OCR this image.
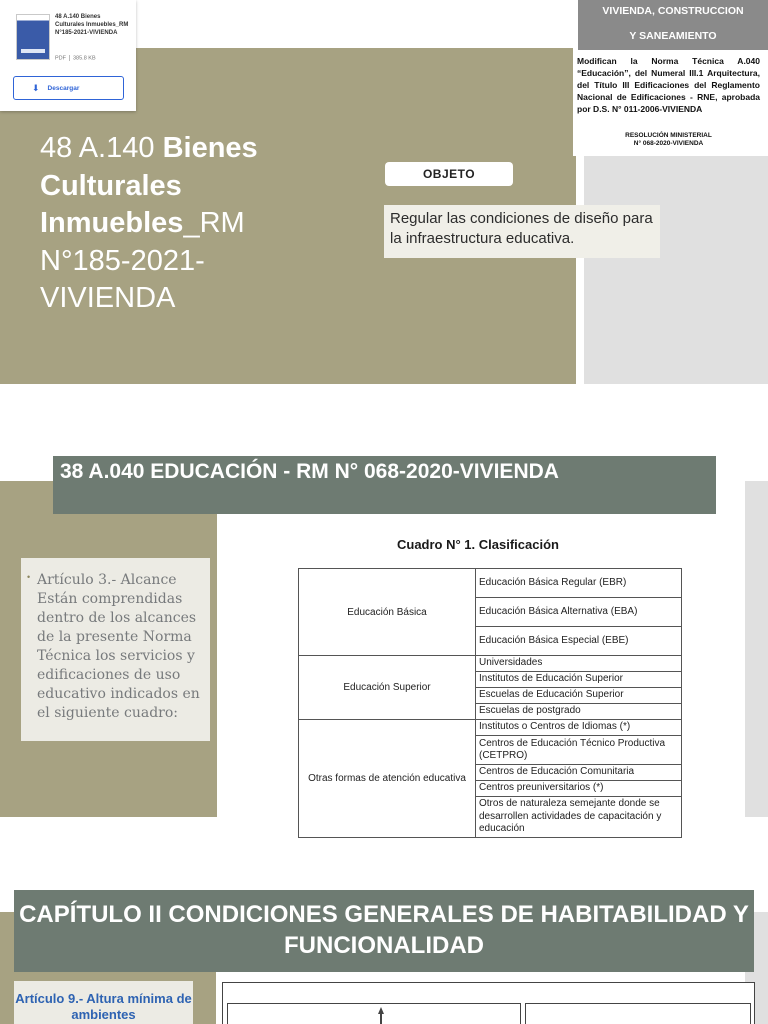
48 A.140 Bienes Culturales Inmuebles_RM N°185-2021-VIVIENDA
PDF 385.8 KB
⬇ Descargar
48 A.140 Bienes Culturales Inmuebles_RM N°185-2021-VIVIENDA
OBJETO
Regular las condiciones de diseño para la infraestructura educativa.
VIVIENDA, CONSTRUCCION
Y SANEAMIENTO
Modifican la Norma Técnica A.040 “Educación”, del Numeral III.1 Arquitectura, del Título III Edificaciones del Reglamento Nacional de Edificaciones - RNE, aprobada por D.S. N° 011-2006-VIVIENDA
RESOLUCIÓN MINISTERIAL
N° 068-2020-VIVIENDA
38 A.040 EDUCACIÓN - RM N° 068-2020-VIVIENDA
• Artículo 3.- Alcance Están comprendidas dentro de los alcances de la presente Norma Técnica los servicios y edificaciones de uso educativo indicados en el siguiente cuadro:
Cuadro N° 1. Clasificación
Educación Básica	Educación Básica Regular (EBR)
	Educación Básica Alternativa (EBA)
	Educación Básica Especial (EBE)
Educación Superior	Universidades
	Institutos de Educación Superior
	Escuelas de Educación Superior
	Escuelas de postgrado
Otras formas de atención educativa	Institutos o Centros de Idiomas (*)
	Centros de Educación Técnico Productiva (CETPRO)
	Centros de Educación Comunitaria
	Centros preuniversitarios (*)
	Otros de naturaleza semejante donde se desarrollen actividades de capacitación y educación
CAPÍTULO II CONDICIONES GENERALES DE HABITABILIDAD Y FUNCIONALIDAD
Artículo 9.- Altura mínima de ambientes
